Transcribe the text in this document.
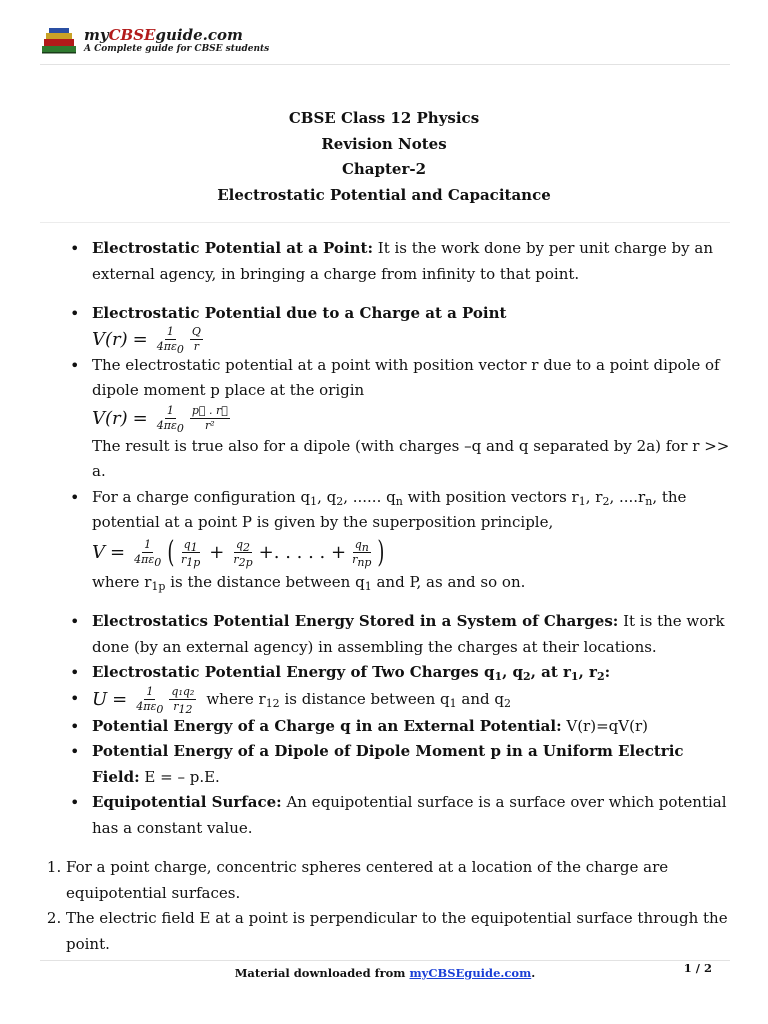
myCBSEguide.com
A Complete guide for CBSE students
CBSE Class 12 Physics
Revision Notes
Chapter-2
Electrostatic Potential and Capacitance
• Electrostatic Potential at a Point: It is the work done by per unit charge by an external agency, in bringing a charge from infinity to that point.
• Electrostatic Potential due to a Charge at a Point
$V(r) = \frac{1}{4\pi\varepsilon_0} \frac{Q}{r}$
• The electrostatic potential at a point with position vector r due to a point dipole of dipole moment p place at the origin
$V(r) = \frac{1}{4\pi\varepsilon_0} \frac{p⃗ . r⃗}{\text{r²}}$
The result is true also for a dipole (with charges –q and q separated by 2a) for r >> a.
• For a charge configuration $q_1$, $q_2$, ...... $q_n$ with position vectors $r_1$, $r_2$, $....r_n$, the potential at a point P is given by the superposition principle,
$V = \frac{1}{4\pi\varepsilon_0}$ ( $\frac{q_1}{r_{1p}} + \frac{q_2}{r_{2p}}$ +. . . . . + $\frac{q_n}{r_{np}}$ )
where $r_{1p}$ is the distance between $q_1$ and P, as and so on.
• Electrostatics Potential Energy Stored in a System of Charges: It is the work done (by an external agency) in assembling the charges at their locations.
• Electrostatic Potential Energy of Two Charges $q_1$, $q_2$, at $r_1$, $r_2$:
• $U = \frac{1}{4\pi\varepsilon_0} \frac{\text{q₁q₂}}{r_{12}}$ where $r_{12}$ is distance between $q_1$ and $q_2$
• Potential Energy of a Charge q in an External Potential: V(r)=qV(r)
• Potential Energy of a Dipole of Dipole Moment p in a Uniform Electric Field: E = – p.E.
• Equipotential Surface: An equipotential surface is a surface over which potential has a constant value.
1. For a point charge, concentric spheres centered at a location of the charge are equipotential surfaces.
2. The electric field E at a point is perpendicular to the equipotential surface through the point.
Material downloaded from myCBSEguide.com.	1 / 2
